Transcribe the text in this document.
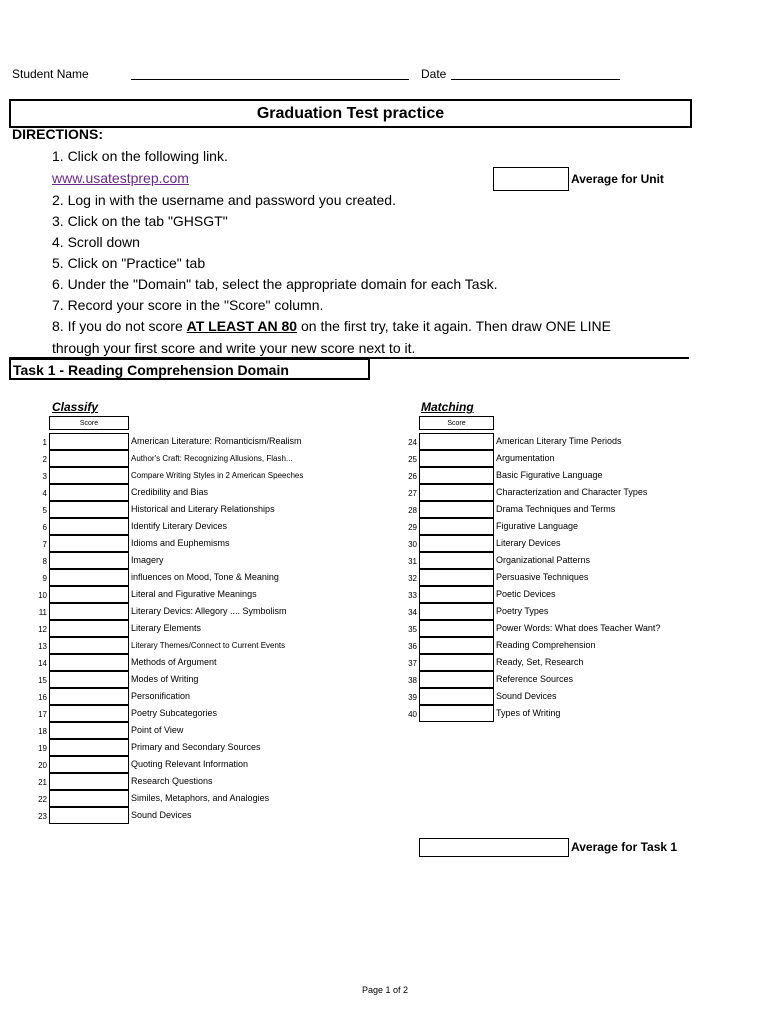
Student Name	Date
Graduation Test practice
DIRECTIONS:
1. Click on the following link.
www.usatestprep.com
2. Log in with the username and password you created.
3. Click on the tab "GHSGT"
4. Scroll down
5. Click on "Practice" tab
6. Under the "Domain" tab, select the appropriate domain for each Task.
7. Record your score in the "Score" column.
8. If you do not score AT LEAST AN 80 on the first try, take it again. Then draw ONE LINE
through your first score and write your new score next to it.
Average for Unit
Task 1 - Reading Comprehension Domain
Classify
Score
1	American Literature: Romanticism/Realism
2	Author's Craft: Recognizing Allusions, Flash...
3	Compare Writing Styles in 2 American Speeches
4	Credibility and Bias
5	Historical and Literary Relationships
6	Identify Literary Devices
7	Idioms and Euphemisms
8	Imagery
9	influences on Mood, Tone & Meaning
10	Literal and Figurative Meanings
11	Literary Devics: Allegory .... Symbolism
12	Literary Elements
13	Literary Themes/Connect to Current Events
14	Methods of Argument
15	Modes of Writing
16	Personification
17	Poetry Subcategories
18	Point of View
19	Primary and Secondary Sources
20	Quoting Relevant Information
21	Research Questions
22	Similes, Metaphors, and Analogies
23	Sound Devices
Matching
Score
24	American Literary Time Periods
25	Argumentation
26	Basic Figurative Language
27	Characterization and Character Types
28	Drama Techniques and Terms
29	Figurative Language
30	Literary Devices
31	Organizational Patterns
32	Persuasive Techniques
33	Poetic Devices
34	Poetry Types
35	Power Words: What does Teacher Want?
36	Reading Comprehension
37	Ready, Set, Research
38	Reference Sources
39	Sound Devices
40	Types of Writing
Average for Task 1
Page 1 of 2
